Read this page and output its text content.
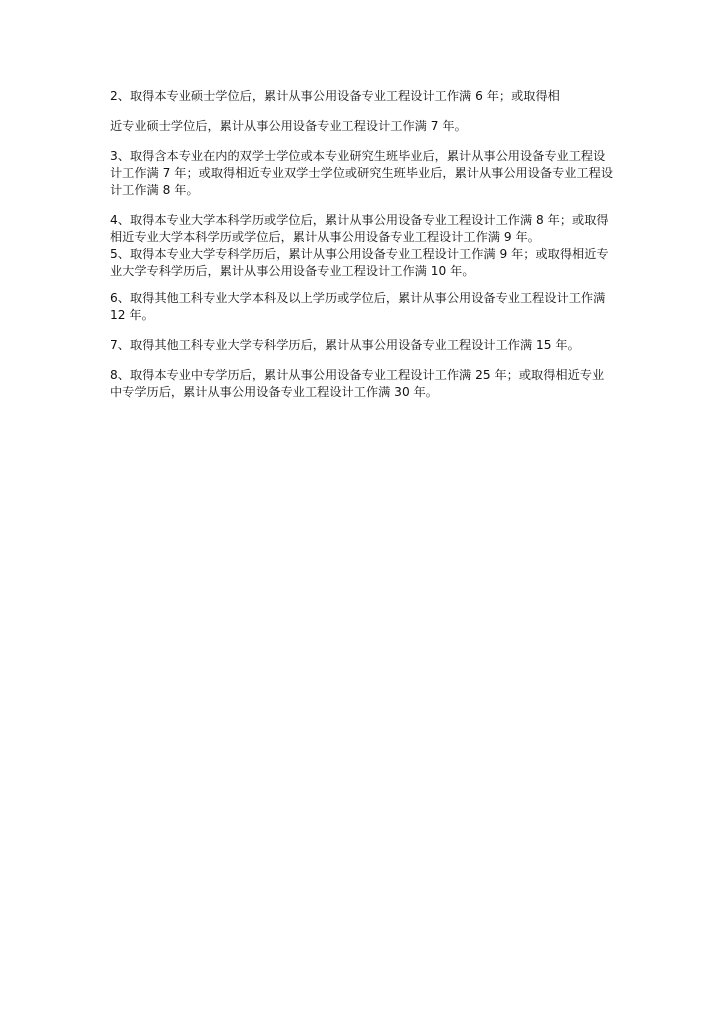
2、取得本专业硕士学位后，累计从事公用设备专业工程设计工作满 6 年；或取得相

近专业硕士学位后，累计从事公用设备专业工程设计工作满 7 年。

3、取得含本专业在内的双学士学位或本专业研究生班毕业后，累计从事公用设备专业工程设计工作满 7 年；或取得相近专业双学士学位或研究生班毕业后，累计从事公用设备专业工程设计工作满 8 年。

4、取得本专业大学本科学历或学位后，累计从事公用设备专业工程设计工作满 8 年；或取得相近专业大学本科学历或学位后，累计从事公用设备专业工程设计工作满 9 年。

5、取得本专业大学专科学历后，累计从事公用设备专业工程设计工作满 9 年；或取得相近专业大学专科学历后，累计从事公用设备专业工程设计工作满 10 年。

6、取得其他工科专业大学本科及以上学历或学位后，累计从事公用设备专业工程设计工作满 12 年。

7、取得其他工科专业大学专科学历后，累计从事公用设备专业工程设计工作满 15 年。

8、取得本专业中专学历后，累计从事公用设备专业工程设计工作满 25 年；或取得相近专业中专学历后，累计从事公用设备专业工程设计工作满 30 年。
